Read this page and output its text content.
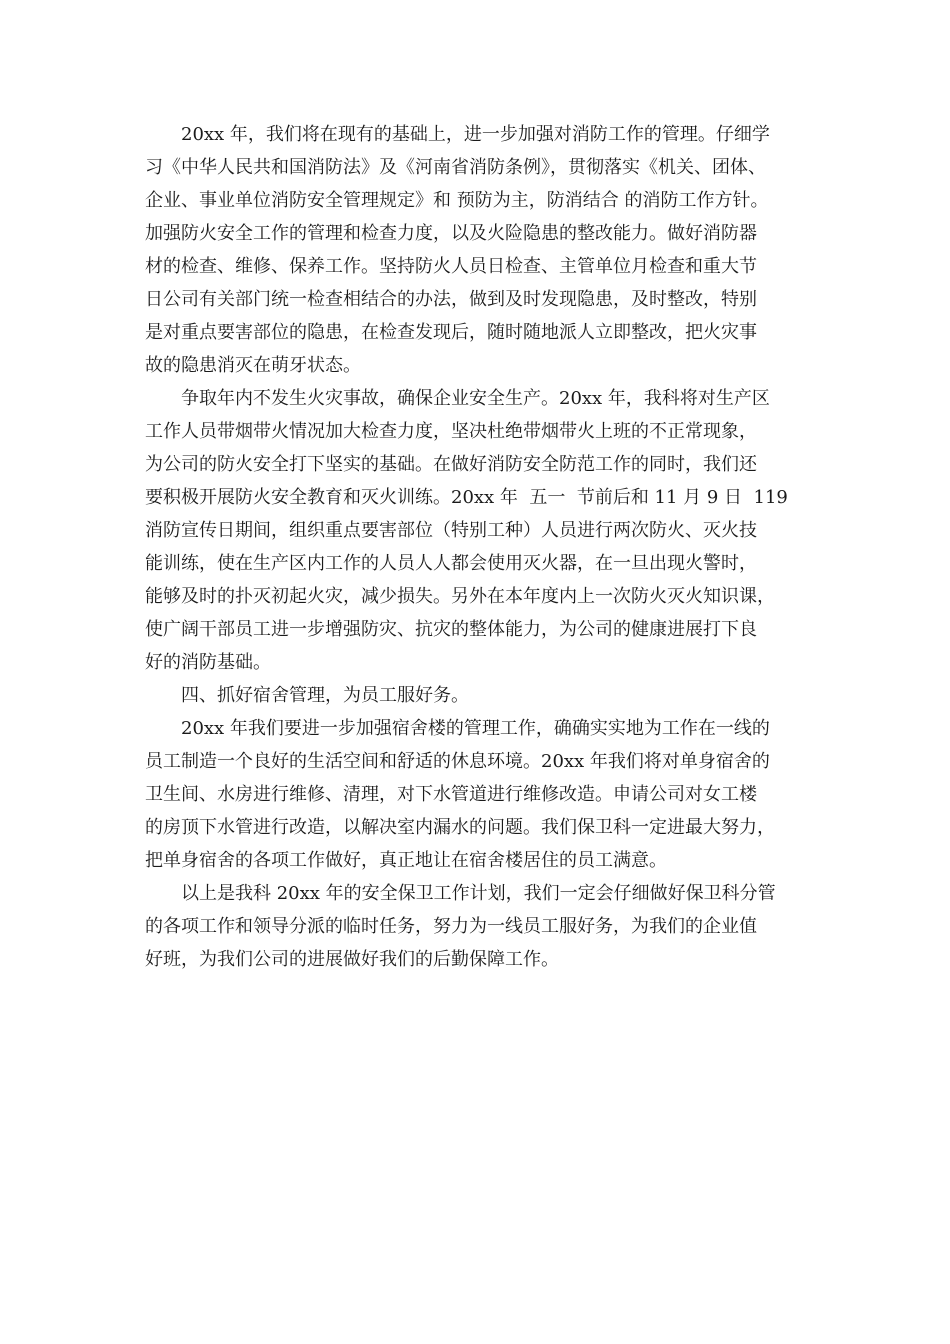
20xx 年，我们将在现有的基础上，进一步加强对消防工作的管理。仔细学
习《中华人民共和国消防法》及《河南省消防条例》，贯彻落实《机关、团体、
企业、事业单位消防安全管理规定》和 预防为主，防消结合 的消防工作方针。
加强防火安全工作的管理和检查力度，以及火险隐患的整改能力。做好消防器
材的检查、维修、保养工作。坚持防火人员日检查、主管单位月检查和重大节
日公司有关部门统一检查相结合的办法，做到及时发现隐患，及时整改，特别
是对重点要害部位的隐患，在检查发现后，随时随地派人立即整改，把火灾事
故的隐患消灭在萌牙状态。
争取年内不发生火灾事故，确保企业安全生产。20xx 年，我科将对生产区
工作人员带烟带火情况加大检查力度，坚决杜绝带烟带火上班的不正常现象，
为公司的防火安全打下坚实的基础。在做好消防安全防范工作的同时，我们还
要积极开展防火安全教育和灭火训练。20xx 年  五一  节前后和 11 月 9 日  119
消防宣传日期间，组织重点要害部位（特别工种）人员进行两次防火、灭火技
能训练，使在生产区内工作的人员人人都会使用灭火器，在一旦出现火警时，
能够及时的扑灭初起火灾，减少损失。另外在本年度内上一次防火灭火知识课，
使广阔干部员工进一步增强防灾、抗灾的整体能力，为公司的健康进展打下良
好的消防基础。
四、抓好宿舍管理，为员工服好务。
20xx 年我们要进一步加强宿舍楼的管理工作，确确实实地为工作在一线的
员工制造一个良好的生活空间和舒适的休息环境。20xx 年我们将对单身宿舍的
卫生间、水房进行维修、清理，对下水管道进行维修改造。申请公司对女工楼
的房顶下水管进行改造，以解决室内漏水的问题。我们保卫科一定进最大努力，
把单身宿舍的各项工作做好，真正地让在宿舍楼居住的员工满意。
以上是我科 20xx 年的安全保卫工作计划，我们一定会仔细做好保卫科分管
的各项工作和领导分派的临时任务，努力为一线员工服好务，为我们的企业值
好班，为我们公司的进展做好我们的后勤保障工作。
